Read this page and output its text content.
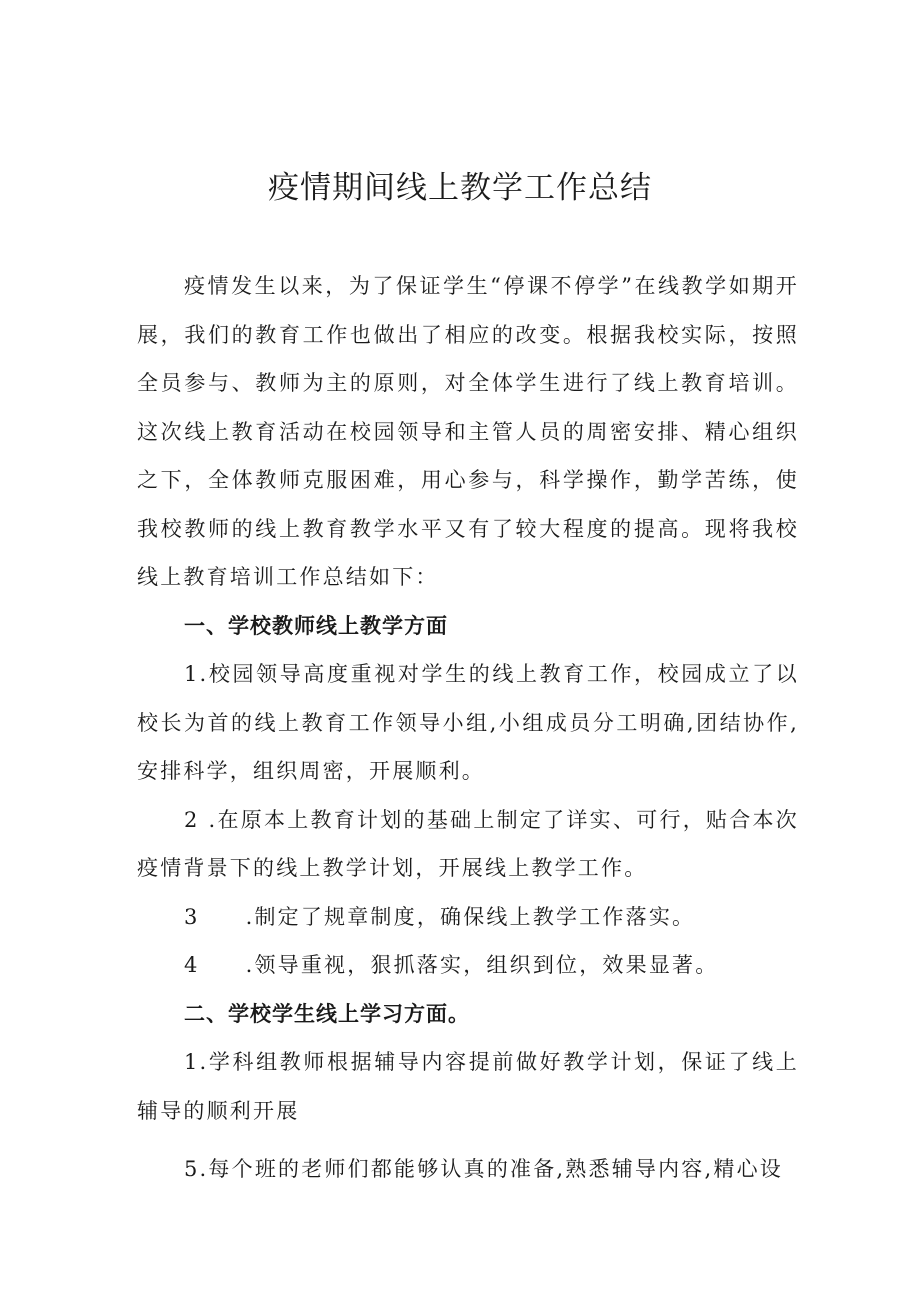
疫情期间线上教学工作总结

疫情发生以来，为了保证学生“停课不停学”在线教学如期开展，我们的教育工作也做出了相应的改变。根据我校实际，按照全员参与、教师为主的原则，对全体学生进行了线上教育培训。这次线上教育活动在校园领导和主管人员的周密安排、精心组织之下，全体教师克服困难，用心参与，科学操作，勤学苦练，使我校教师的线上教育教学水平又有了较大程度的提高。现将我校线上教育培训工作总结如下：

一、学校教师线上教学方面

1.校园领导高度重视对学生的线上教育工作，校园成立了以校长为首的线上教育工作领导小组,小组成员分工明确,团结协作,安排科学，组织周密，开展顺利。

2 .在原本上教育计划的基础上制定了详实、可行，贴合本次疫情背景下的线上教学计划，开展线上教学工作。

3 .制定了规章制度，确保线上教学工作落实。

4 .领导重视，狠抓落实，组织到位，效果显著。

二、学校学生线上学习方面。

1.学科组教师根据辅导内容提前做好教学计划，保证了线上辅导的顺利开展

5.每个班的老师们都能够认真的准备,熟悉辅导内容,精心设
